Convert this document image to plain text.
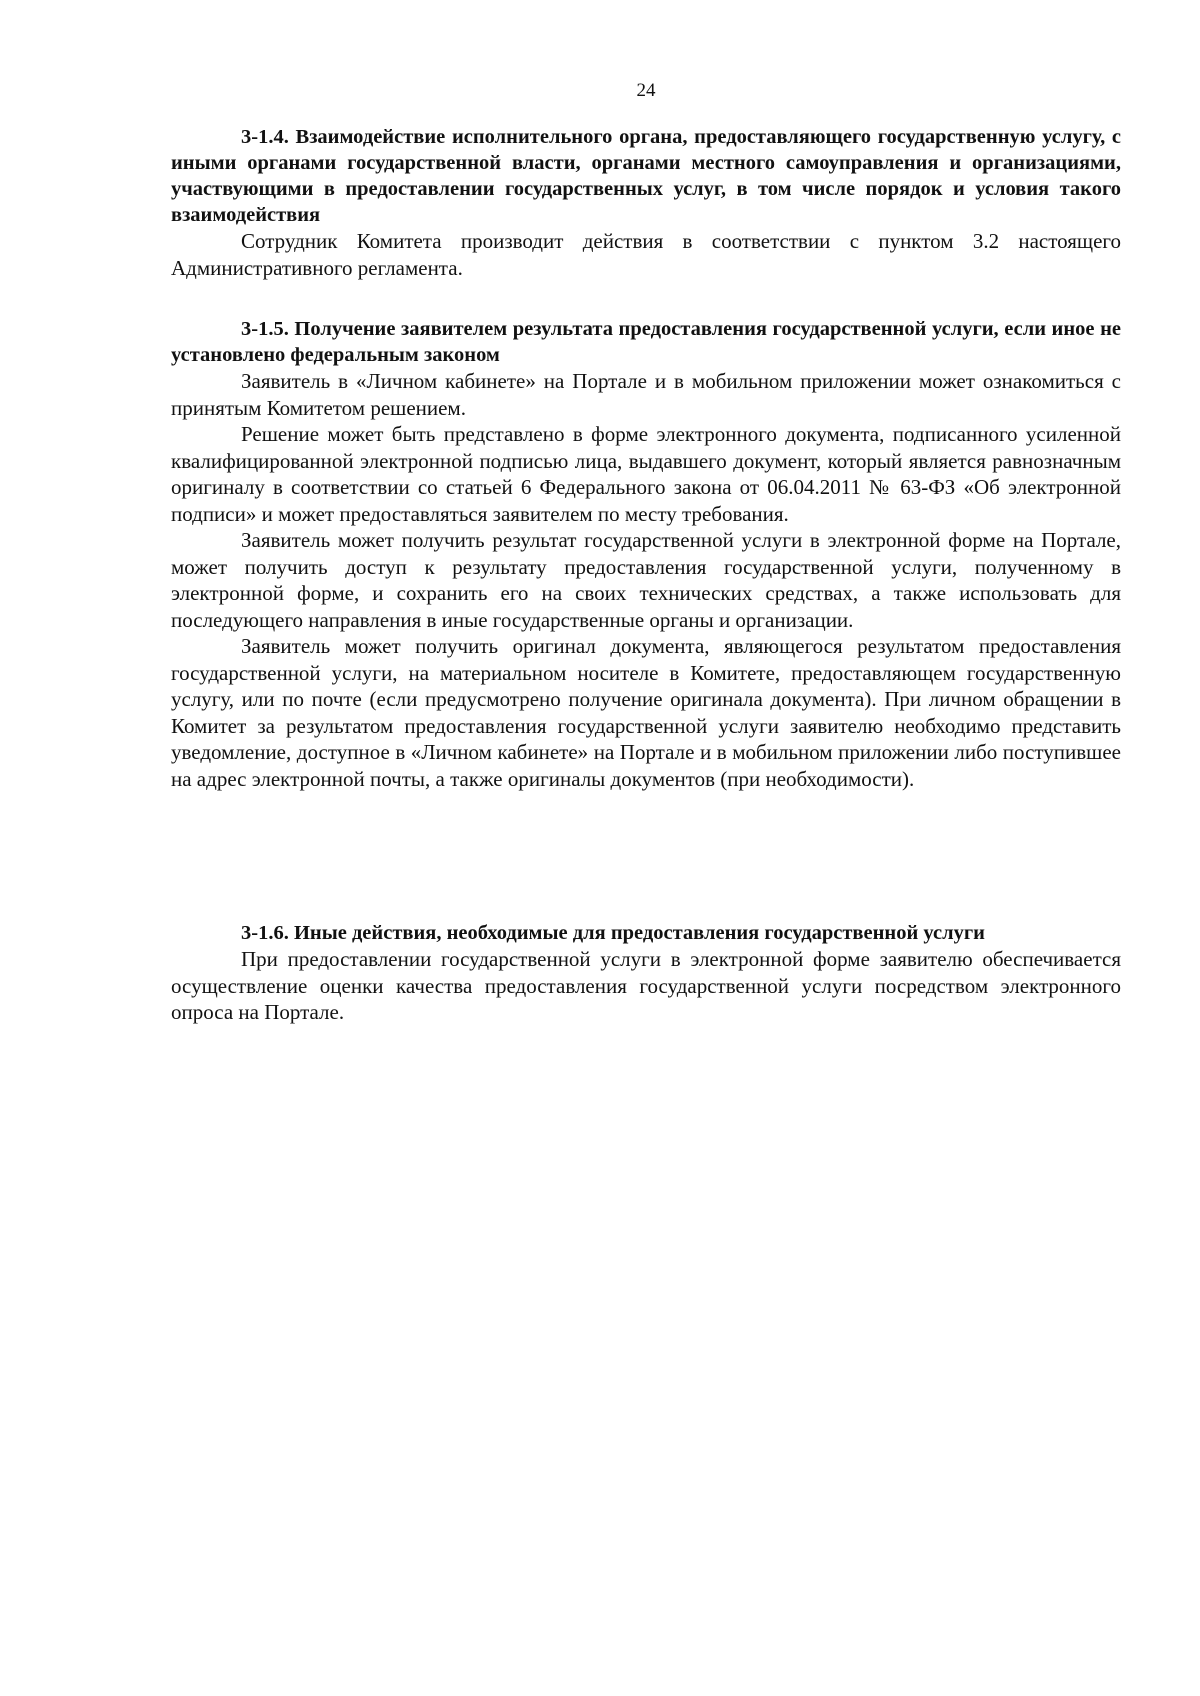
24

3-1.4. Взаимодействие исполнительного органа, предоставляющего государственную услугу, с иными органами государственной власти, органами местного самоуправления и организациями, участвующими в предоставлении государственных услуг, в том числе порядок и условия такого взаимодействия

Сотрудник Комитета производит действия в соответствии с пунктом 3.2 настоящего Административного регламента.

3-1.5. Получение заявителем результата предоставления государственной услуги, если иное не установлено федеральным законом

Заявитель в «Личном кабинете» на Портале и в мобильном приложении может ознакомиться с принятым Комитетом решением.

Решение может быть представлено в форме электронного документа, подписанного усиленной квалифицированной электронной подписью лица, выдавшего документ, который является равнозначным оригиналу в соответствии со статьей 6 Федерального закона от 06.04.2011 № 63-ФЗ «Об электронной подписи» и может предоставляться заявителем по месту требования.

Заявитель может получить результат государственной услуги в электронной форме на Портале, может получить доступ к результату предоставления государственной услуги, полученному в электронной форме, и сохранить его на своих технических средствах, а также использовать для последующего направления в иные государственные органы и организации.

Заявитель может получить оригинал документа, являющегося результатом предоставления государственной услуги, на материальном носителе в Комитете, предоставляющем государственную услугу, или по почте (если предусмотрено получение оригинала документа). При личном обращении в Комитет за результатом предоставления государственной услуги заявителю необходимо представить уведомление, доступное в «Личном кабинете» на Портале и в мобильном приложении либо поступившее на адрес электронной почты, а также оригиналы документов (при необходимости).

3-1.6. Иные действия, необходимые для предоставления государственной услуги

При предоставлении государственной услуги в электронной форме заявителю обеспечивается осуществление оценки качества предоставления государственной услуги посредством электронного опроса на Портале.
